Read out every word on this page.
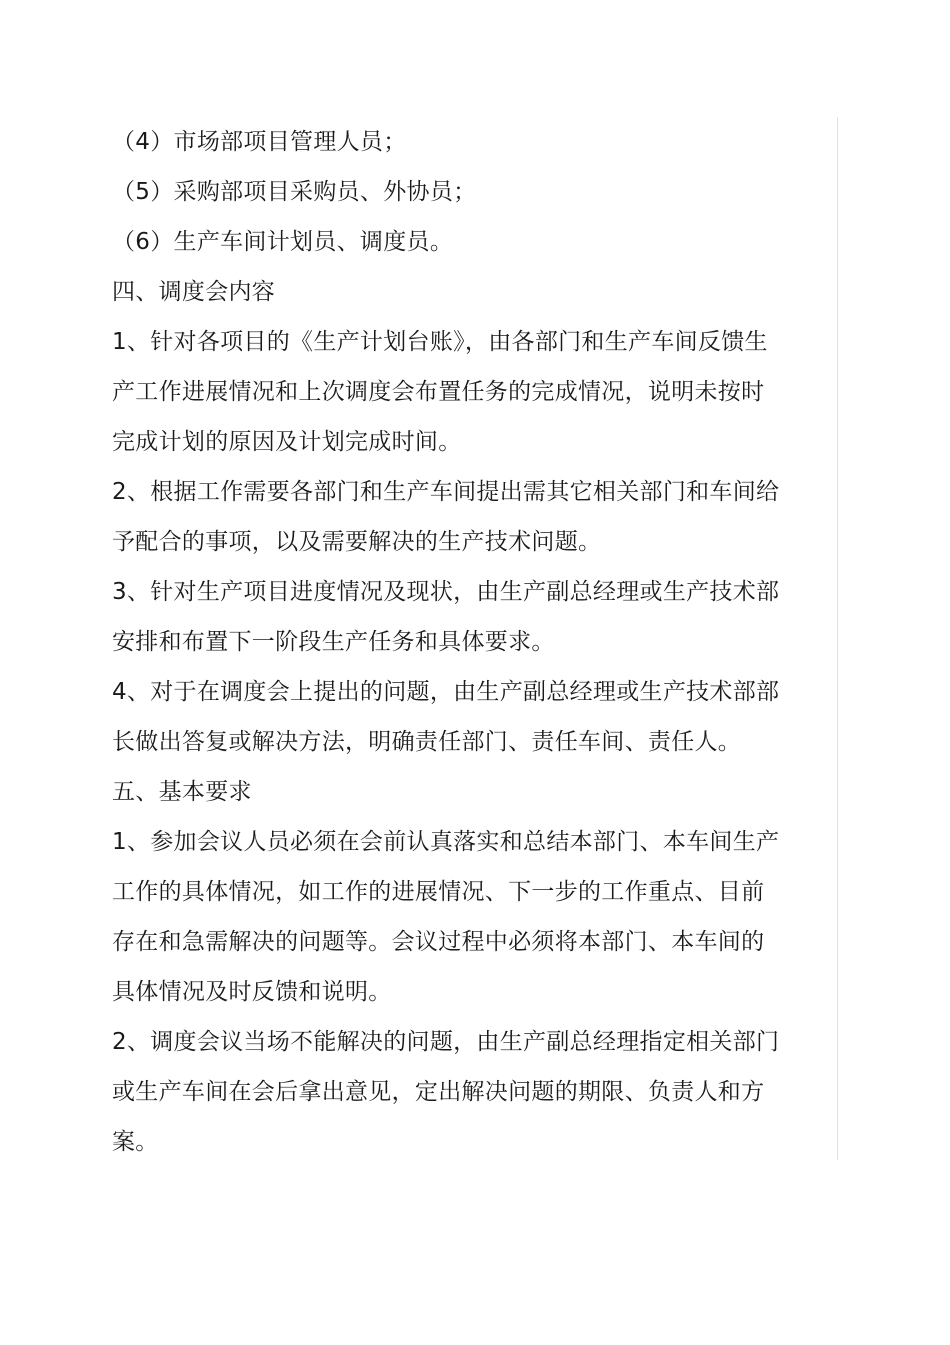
（4）市场部项目管理人员；
（5）采购部项目采购员、外协员；
（6）生产车间计划员、调度员。
四、调度会内容
1、针对各项目的《生产计划台账》，由各部门和生产车间反馈生
产工作进展情况和上次调度会布置任务的完成情况，说明未按时
完成计划的原因及计划完成时间。
2、根据工作需要各部门和生产车间提出需其它相关部门和车间给
予配合的事项，以及需要解决的生产技术问题。
3、针对生产项目进度情况及现状，由生产副总经理或生产技术部
安排和布置下一阶段生产任务和具体要求。
4、对于在调度会上提出的问题，由生产副总经理或生产技术部部
长做出答复或解决方法，明确责任部门、责任车间、责任人。
五、基本要求
1、参加会议人员必须在会前认真落实和总结本部门、本车间生产
工作的具体情况，如工作的进展情况、下一步的工作重点、目前
存在和急需解决的问题等。会议过程中必须将本部门、本车间的
具体情况及时反馈和说明。
2、调度会议当场不能解决的问题，由生产副总经理指定相关部门
或生产车间在会后拿出意见，定出解决问题的期限、负责人和方
案。
